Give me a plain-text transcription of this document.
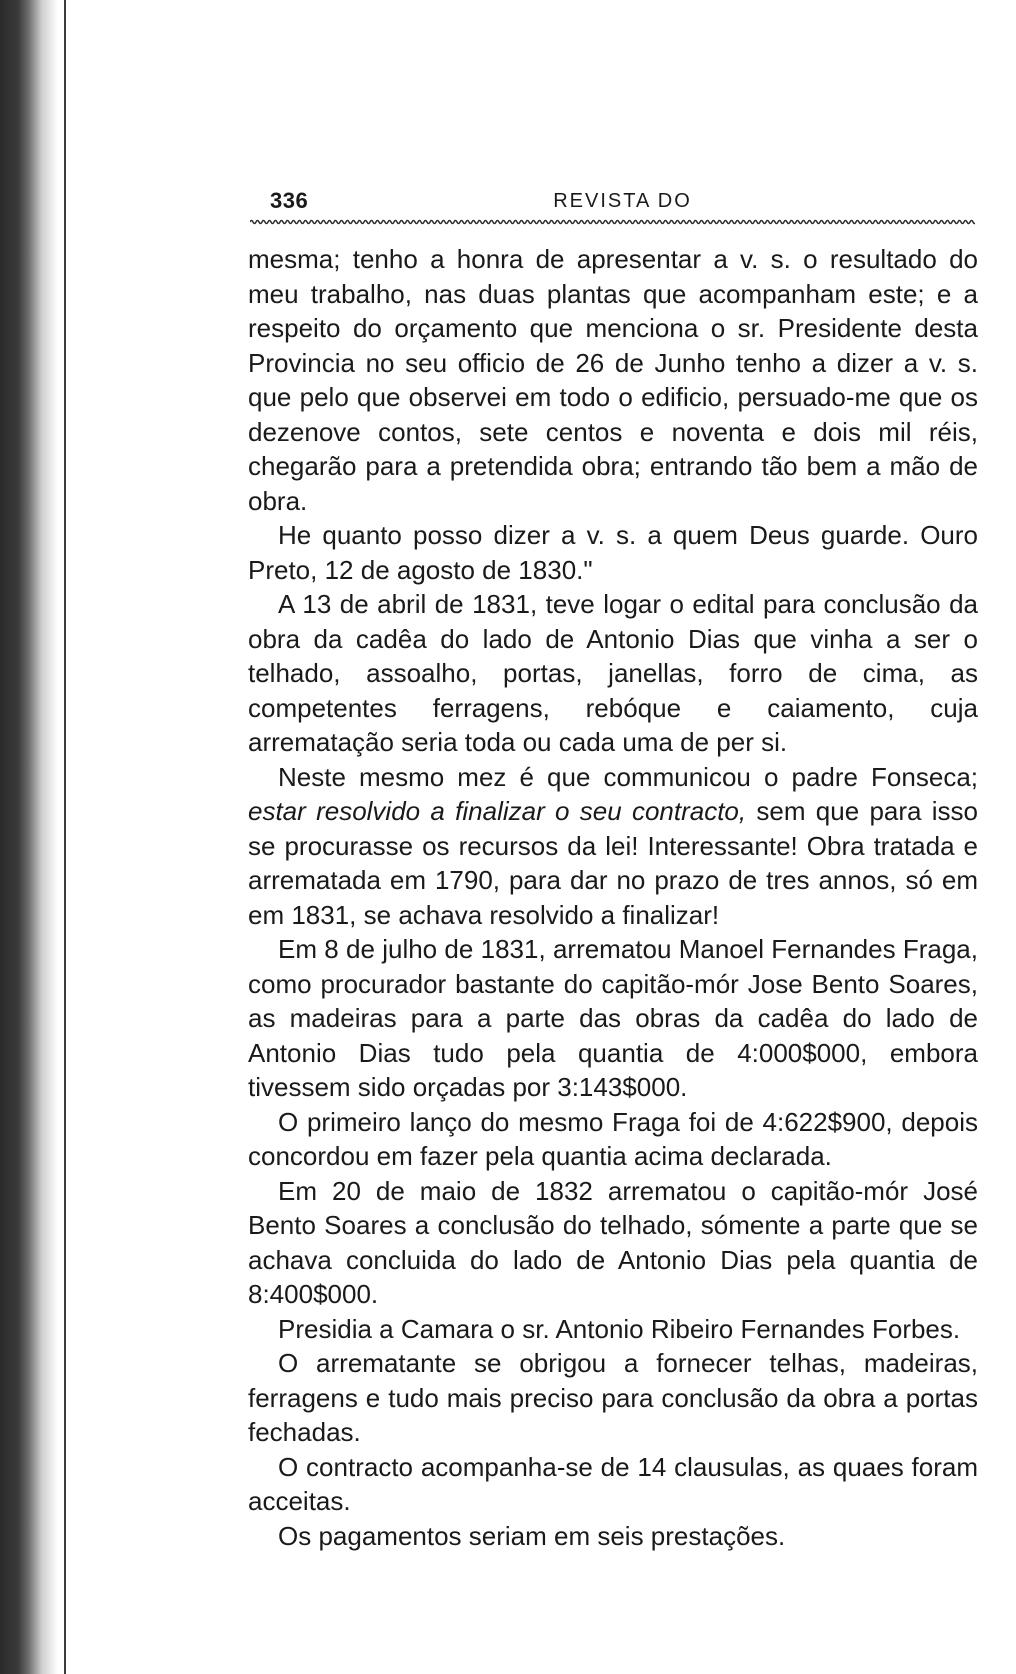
336	REVISTA DO

mesma; tenho a honra de apresentar a v. s. o resultado do meu trabalho, nas duas plantas que acompanham este; e a respeito do orçamento que menciona o sr. Presidente desta Provincia no seu officio de 26 de Junho tenho a dizer a v. s. que pelo que observei em todo o edificio, persuado-me que os dezenove contos, sete centos e noventa e dois mil réis, chegarão para a pretendida obra; entrando tão bem a mão de obra.

He quanto posso dizer a v. s. a quem Deus guarde. Ouro Preto, 12 de agosto de 1830."

A 13 de abril de 1831, teve logar o edital para conclusão da obra da cadêa do lado de Antonio Dias que vinha a ser o telhado, assoalho, portas, janellas, forro de cima, as competentes ferragens, rebóque e caiamento, cuja arrematação seria toda ou cada uma de per si.

Neste mesmo mez é que communicou o padre Fonseca; estar resolvido a finalizar o seu contracto, sem que para isso se procurasse os recursos da lei! Interessante! Obra tratada e arrematada em 1790, para dar no prazo de tres annos, só em em 1831, se achava resolvido a finalizar!

Em 8 de julho de 1831, arrematou Manoel Fernandes Fraga, como procurador bastante do capitão-mór Jose Bento Soares, as madeiras para a parte das obras da cadêa do lado de Antonio Dias tudo pela quantia de 4:000$000, embora tivessem sido orçadas por 3:143$000.

O primeiro lanço do mesmo Fraga foi de 4:622$900, depois concordou em fazer pela quantia acima declarada.

Em 20 de maio de 1832 arrematou o capitão-mór José Bento Soares a conclusão do telhado, sómente a parte que se achava concluida do lado de Antonio Dias pela quantia de 8:400$000.

Presidia a Camara o sr. Antonio Ribeiro Fernandes Forbes.

O arrematante se obrigou a fornecer telhas, madeiras, ferragens e tudo mais preciso para conclusão da obra a portas fechadas.

O contracto acompanha-se de 14 clausulas, as quaes foram acceitas.

Os pagamentos seriam em seis prestações.
